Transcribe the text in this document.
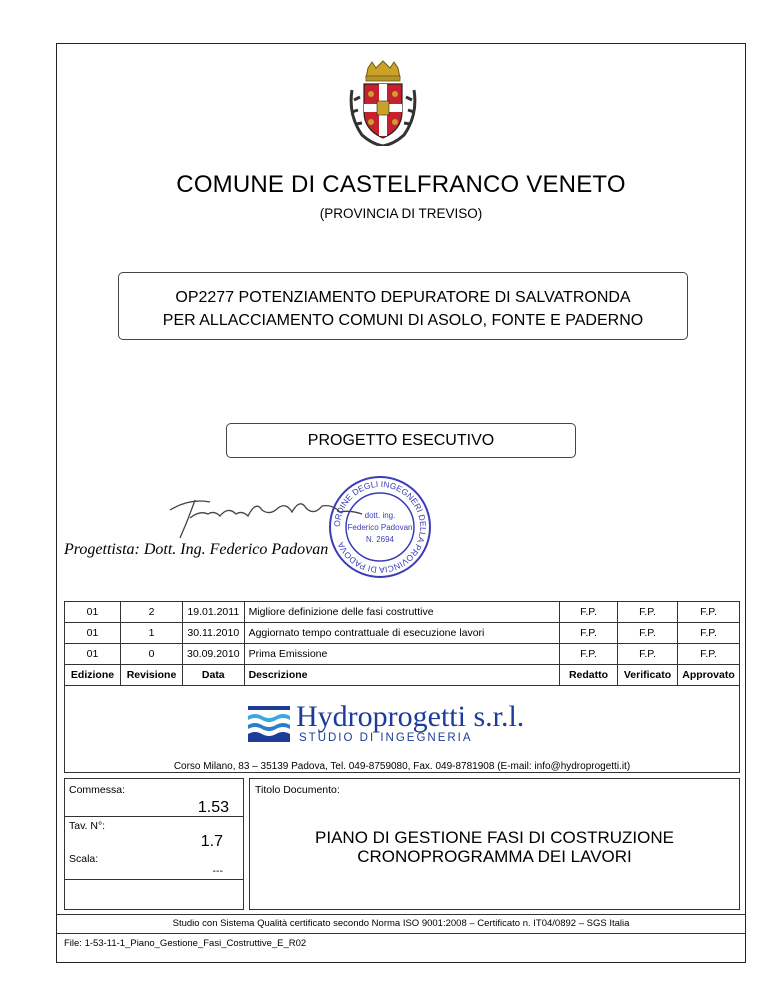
COMUNE DI CASTELFRANCO VENETO
(PROVINCIA DI TREVISO)
OP2277 POTENZIAMENTO DEPURATORE DI SALVATRONDA
PER ALLACCIAMENTO COMUNI DI ASOLO, FONTE E PADERNO
PROGETTO ESECUTIVO
ORDINE DEGLI INGEGNERI DELLA PROVINCIA DI PADOVA
dott. ing.
Federico Padovan
N. 2694
Progettista: Dott. Ing. Federico Padovan
01	2	19.01.2011	Migliore definizione delle fasi costruttive	F.P.	F.P.	F.P.
01	1	30.11.2010	Aggiornato tempo contrattuale di esecuzione lavori	F.P.	F.P.	F.P.
01	0	30.09.2010	Prima Emissione	F.P.	F.P.	F.P.
Edizione	Revisione	Data	Descrizione	Redatto	Verificato	Approvato
Hydroprogetti s.r.l.
STUDIO DI INGEGNERIA
Corso Milano, 83 – 35139 Padova, Tel. 049-8759080, Fax. 049-8781908 (E-mail: info@hydroprogetti.it)
Commessa:
1.53
Tav. N°:
1.7
Scala:
---
Titolo Documento:
PIANO DI GESTIONE FASI DI COSTRUZIONE
CRONOPROGRAMMA DEI LAVORI
Studio con Sistema Qualità certificato secondo Norma ISO 9001:2008 – Certificato n. IT04/0892 – SGS Italia
File: 1-53-11-1_Piano_Gestione_Fasi_Costruttive_E_R02
